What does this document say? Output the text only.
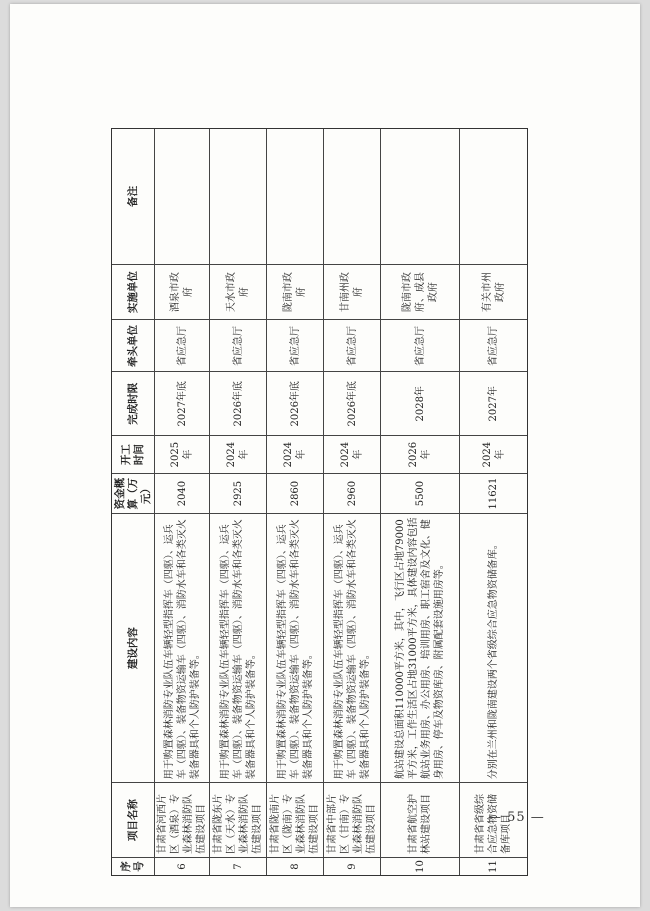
序号
项目名称
建设内容
资金概算（万元）
开工时间
完成时限
牵头单位
实施单位
备注
6
甘肃省河西片区（酒泉）专业森林消防队伍建设项目
用于购置森林消防专业队伍车辆轻型指挥车（四驱）、运兵车（四驱）、装备物资运输车（四驱）、消防水车和各类灭火装备器具和个人防护装备等。
2040
2025年
2027年底
省应急厅
酒泉市政府
7
甘肃省陇东片区（天水）专业森林消防队伍建设项目
用于购置森林消防专业队伍车辆轻型指挥车（四驱）、运兵车（四驱）、装备物资运输车（四驱）、消防水车和各类灭火装备器具和个人防护装备等。
2925
2024年
2026年底
省应急厅
天水市政府
8
甘肃省陇南片区（陇南）专业森林消防队伍建设项目
用于购置森林消防专业队伍车辆轻型指挥车（四驱）、运兵车（四驱）、装备物资运输车（四驱）、消防水车和各类灭火装备器具和个人防护装备等。
2860
2024年
2026年底
省应急厅
陇南市政府
9
甘肃省中部片区（甘南）专业森林消防队伍建设项目
用于购置森林消防专业队伍车辆轻型指挥车（四驱）、运兵车（四驱）、装备物资运输车（四驱）、消防水车和各类灭火装备器具和个人防护装备等。
2960
2024年
2026年底
省应急厅
甘南州政府
10
甘肃省航空护林站建设项目
航站建设总面积110000平方米，其中，飞行区占地79000平方米，工作生活区占地31000平方米，具体建设内容包括航站业务用房、办公用房、培训用房、职工宿舍及文化、健身用房、停车及物资库房、附属配套设施用房等。
5500
2026年
2028年
省应急厅
陇南市政府、成县政府
11
甘肃省省级综合应急物资储备库项目
分别在兰州和陇南建设两个省级综合应急物资储备库。
11621
2024年
2027年
省应急厅
有关市州政府
— 55 —
